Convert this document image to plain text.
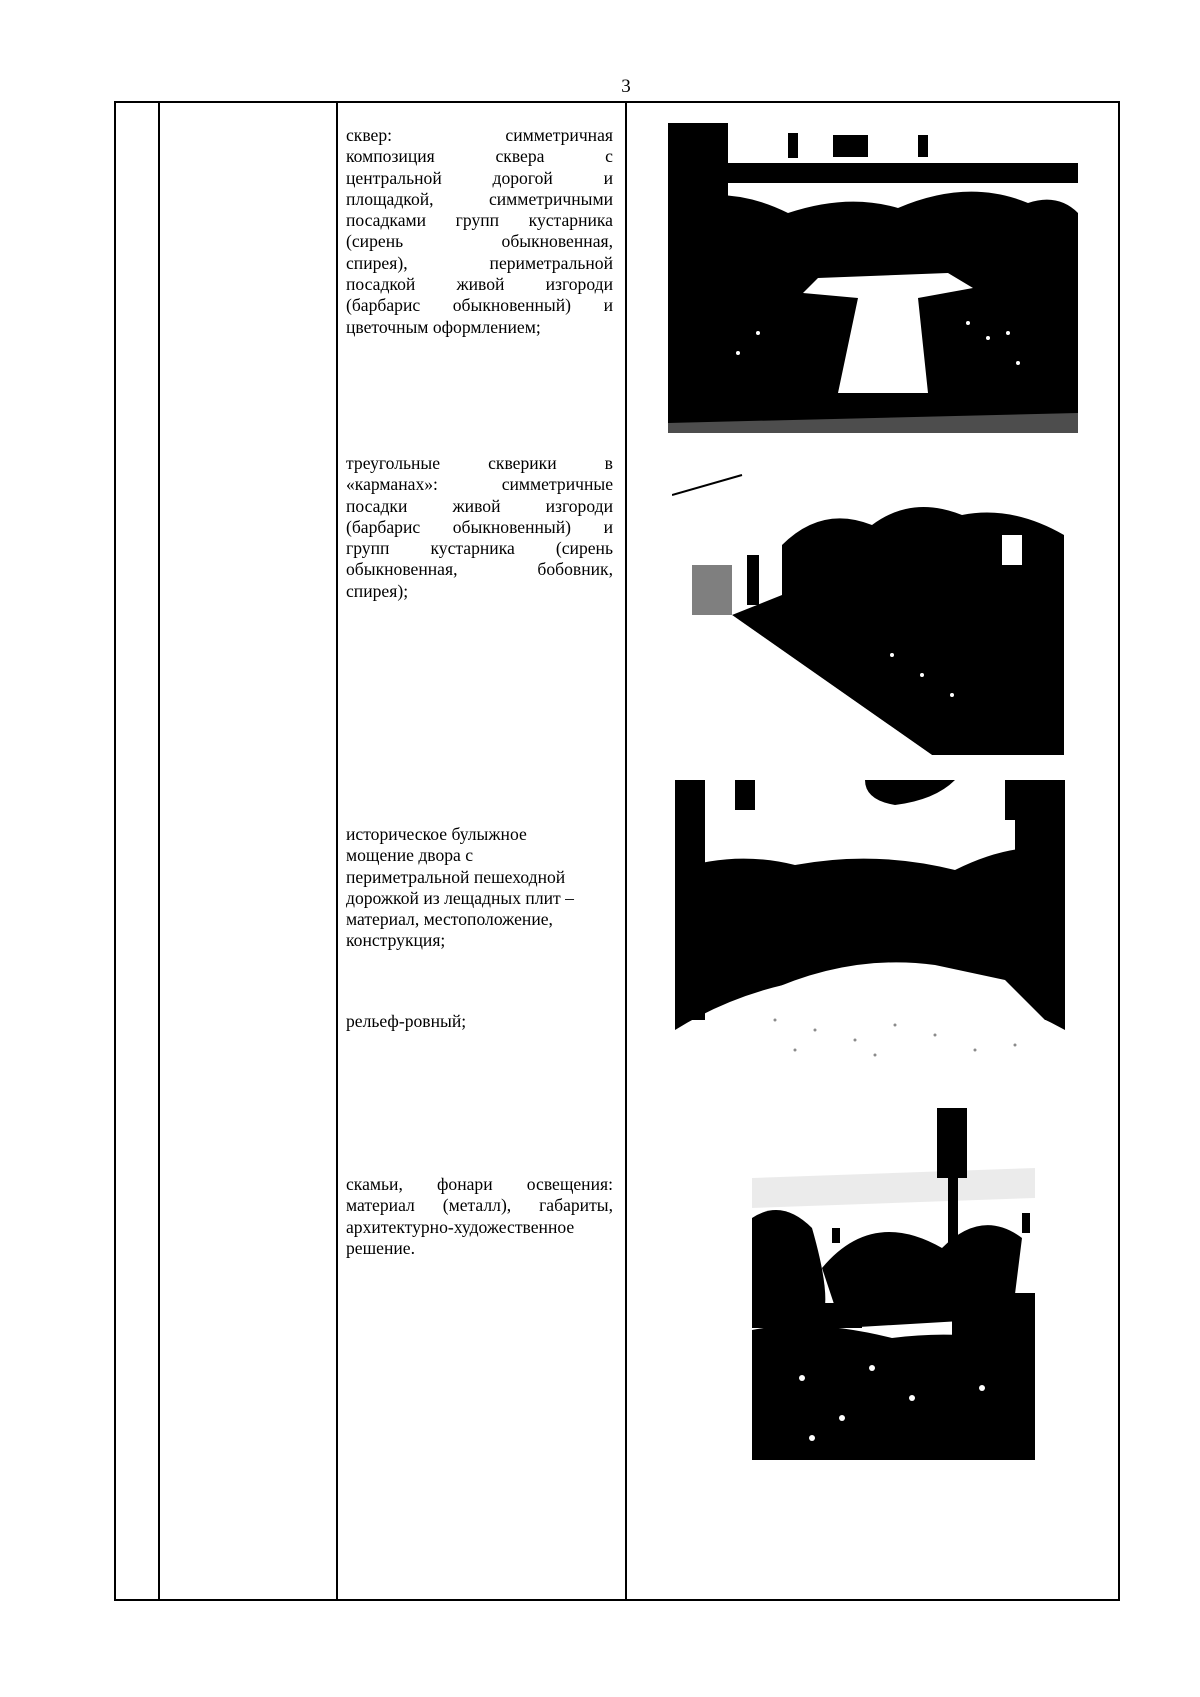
3
сквер: симметричная
композиция сквера с
центральной дорогой и
площадкой, симметричными
посадками групп кустарника
(сирень обыкновенная,
спирея), периметральной
посадкой живой изгороди
(барбарис обыкновенный) и
цветочным оформлением;
треугольные скверики в
«карманах»: симметричные
посадки живой изгороди
(барбарис обыкновенный) и
групп кустарника (сирень
обыкновенная, бобовник,
спирея);
историческое булыжное
мощение двора с
периметральной пешеходной
дорожкой из лещадных плит –
материал, местоположение,
конструкция;
рельеф-ровный;
скамьи, фонари освещения:
материал (металл), габариты,
архитектурно-художественное
решение.
